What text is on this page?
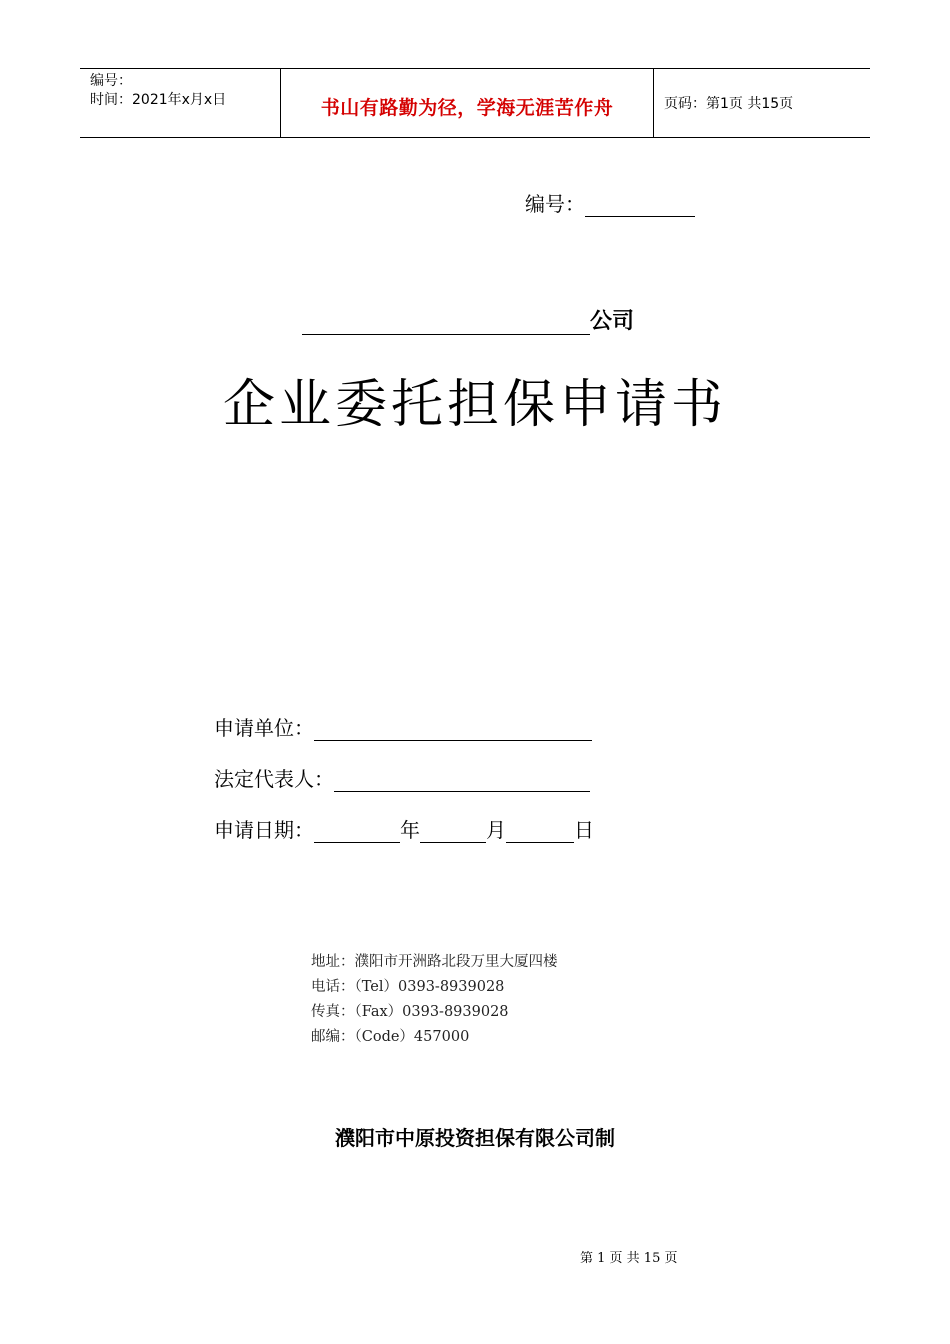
编号：
时间：2021年x月x日	书山有路勤为径，学海无涯苦作舟	页码：第1页 共15页
编号：
公司
企业委托担保申请书
申请单位：
法定代表人：
申请日期：	年	月	日
地址：濮阳市开洲路北段万里大厦四楼
电话：（Tel）0393-8939028
传真：（Fax）0393-8939028
邮编：（Code）457000
濮阳市中原投资担保有限公司制
第 1 页 共 15 页
